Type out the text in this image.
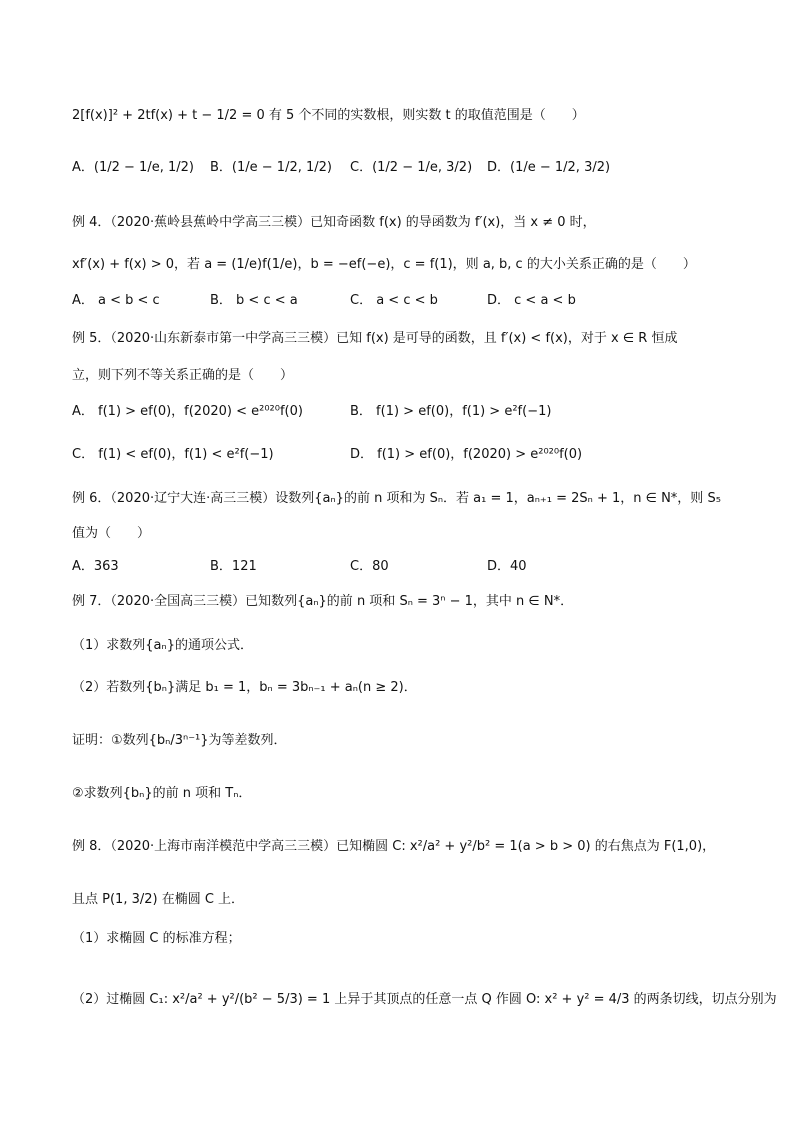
2[f(x)]² + 2tf(x) + t − 1/2 = 0 有 5 个不同的实数根，则实数 t 的取值范围是（　　）
A．(1/2 − 1/e, 1/2) B．(1/e − 1/2, 1/2) C．(1/2 − 1/e, 3/2) D．(1/e − 1/2, 3/2)
例 4．（2020·蕉岭县蕉岭中学高三三模）已知奇函数 f(x) 的导函数为 f′(x)，当 x ≠ 0 时，
xf′(x) + f(x) > 0，若 a = (1/e)f(1/e)，b = −ef(−e)，c = f(1)，则 a, b, c 的大小关系正确的是（　　）
A． a < b < c	B． b < c < a	C． a < c < b	D． c < a < b
例 5．（2020·山东新泰市第一中学高三三模）已知 f(x) 是可导的函数，且 f′(x) < f(x)，对于 x ∈ R 恒成
立，则下列不等关系正确的是（　　）
A． f(1) > ef(0)，f(2020) < e²⁰²⁰f(0)	B． f(1) > ef(0)，f(1) > e²f(−1)
C． f(1) < ef(0)，f(1) < e²f(−1)	D． f(1) > ef(0)，f(2020) > e²⁰²⁰f(0)
例 6．（2020·辽宁大连·高三三模）设数列{aₙ}的前 n 项和为 Sₙ．若 a₁ = 1，aₙ₊₁ = 2Sₙ + 1，n ∈ N*，则 S₅
值为（　　）
A．363	B．121	C．80	D．40
例 7．（2020·全国高三三模）已知数列{aₙ}的前 n 项和 Sₙ = 3ⁿ − 1，其中 n ∈ N*．
（1）求数列{aₙ}的通项公式．
（2）若数列{bₙ}满足 b₁ = 1，bₙ = 3bₙ₋₁ + aₙ(n ≥ 2)．
证明：①数列{bₙ/3ⁿ⁻¹}为等差数列．
②求数列{bₙ}的前 n 项和 Tₙ．
例 8．（2020·上海市南洋模范中学高三三模）已知椭圆 C: x²/a² + y²/b² = 1(a > b > 0) 的右焦点为 F(1,0)，
且点 P(1, 3/2) 在椭圆 C 上．
（1）求椭圆 C 的标准方程；
（2）过椭圆 C₁: x²/a² + y²/(b² − 5/3) = 1 上异于其顶点的任意一点 Q 作圆 O: x² + y² = 4/3 的两条切线，切点分别为
